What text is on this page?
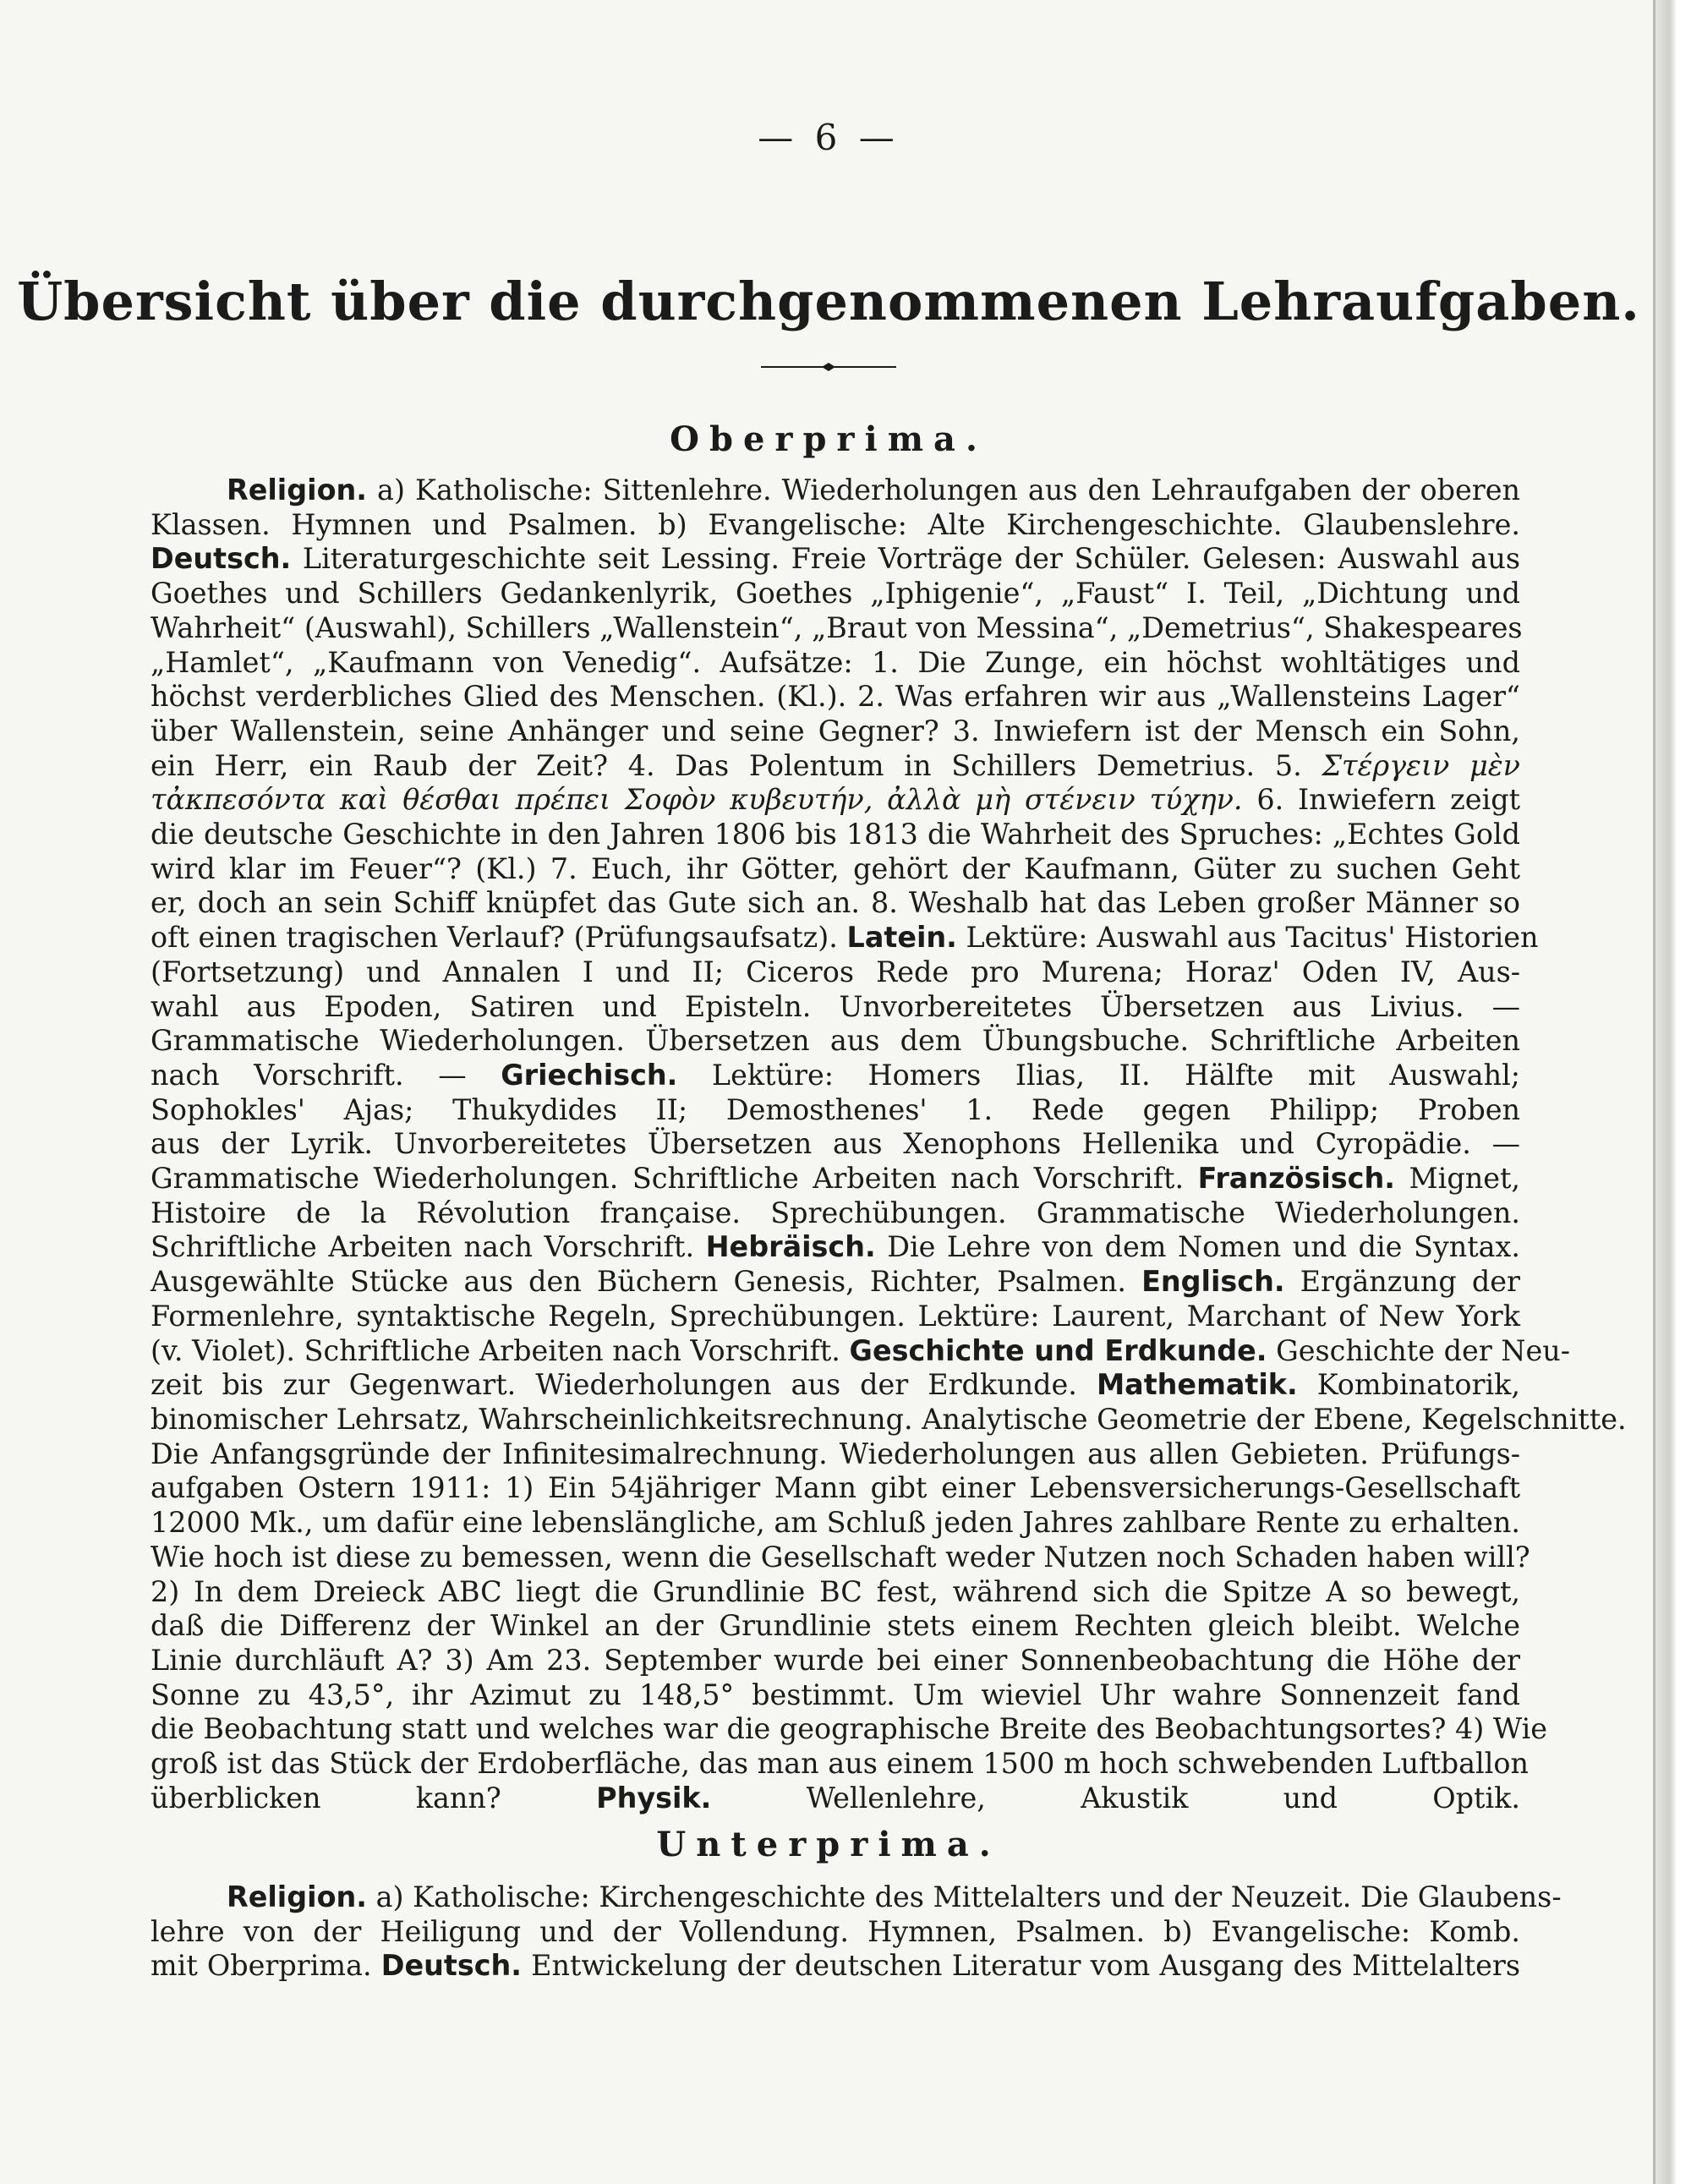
— 6 —
Übersicht über die durchgenommenen Lehraufgaben.
Oberprima.
Religion. a) Katholische: Sittenlehre. Wiederholungen aus den Lehraufgaben der oberen
Klassen. Hymnen und Psalmen. b) Evangelische: Alte Kirchengeschichte. Glaubenslehre.
Deutsch. Literaturgeschichte seit Lessing. Freie Vorträge der Schüler. Gelesen: Auswahl aus
Goethes und Schillers Gedankenlyrik, Goethes „Iphigenie“, „Faust“ I. Teil, „Dichtung und
Wahrheit“ (Auswahl), Schillers „Wallenstein“, „Braut von Messina“, „Demetrius“, Shakespeares
„Hamlet“, „Kaufmann von Venedig“. Aufsätze: 1. Die Zunge, ein höchst wohltätiges und
höchst verderbliches Glied des Menschen. (Kl.). 2. Was erfahren wir aus „Wallensteins Lager“
über Wallenstein, seine Anhänger und seine Gegner? 3. Inwiefern ist der Mensch ein Sohn,
ein Herr, ein Raub der Zeit? 4. Das Polentum in Schillers Demetrius. 5. Στέργειν μὲν
τἀκπεσόντα καὶ θέσθαι πρέπει Σοφὸν κυβευτήν, ἀλλὰ μὴ στένειν τύχην. 6. Inwiefern zeigt
die deutsche Geschichte in den Jahren 1806 bis 1813 die Wahrheit des Spruches: „Echtes Gold
wird klar im Feuer“? (Kl.) 7. Euch, ihr Götter, gehört der Kaufmann, Güter zu suchen Geht
er, doch an sein Schiff knüpfet das Gute sich an. 8. Weshalb hat das Leben großer Männer so
oft einen tragischen Verlauf? (Prüfungsaufsatz). Latein. Lektüre: Auswahl aus Tacitus' Historien
(Fortsetzung) und Annalen I und II; Ciceros Rede pro Murena; Horaz' Oden IV, Aus-
wahl aus Epoden, Satiren und Episteln. Unvorbereitetes Übersetzen aus Livius. —
Grammatische Wiederholungen. Übersetzen aus dem Übungsbuche. Schriftliche Arbeiten
nach Vorschrift. — Griechisch. Lektüre: Homers Ilias, II. Hälfte mit Auswahl;
Sophokles' Ajas; Thukydides II; Demosthenes' 1. Rede gegen Philipp; Proben
aus der Lyrik. Unvorbereitetes Übersetzen aus Xenophons Hellenika und Cyropädie. —
Grammatische Wiederholungen. Schriftliche Arbeiten nach Vorschrift. Französisch. Mignet,
Histoire de la Révolution française. Sprechübungen. Grammatische Wiederholungen.
Schriftliche Arbeiten nach Vorschrift. Hebräisch. Die Lehre von dem Nomen und die Syntax.
Ausgewählte Stücke aus den Büchern Genesis, Richter, Psalmen. Englisch. Ergänzung der
Formenlehre, syntaktische Regeln, Sprechübungen. Lektüre: Laurent, Marchant of New York
(v. Violet). Schriftliche Arbeiten nach Vorschrift. Geschichte und Erdkunde. Geschichte der Neu-
zeit bis zur Gegenwart. Wiederholungen aus der Erdkunde. Mathematik. Kombinatorik,
binomischer Lehrsatz, Wahrscheinlichkeitsrechnung. Analytische Geometrie der Ebene, Kegelschnitte.
Die Anfangsgründe der Infinitesimalrechnung. Wiederholungen aus allen Gebieten. Prüfungs-
aufgaben Ostern 1911: 1) Ein 54jähriger Mann gibt einer Lebensversicherungs-Gesellschaft
12000 Mk., um dafür eine lebenslängliche, am Schluß jeden Jahres zahlbare Rente zu erhalten.
Wie hoch ist diese zu bemessen, wenn die Gesellschaft weder Nutzen noch Schaden haben will?
2) In dem Dreieck ABC liegt die Grundlinie BC fest, während sich die Spitze A so bewegt,
daß die Differenz der Winkel an der Grundlinie stets einem Rechten gleich bleibt. Welche
Linie durchläuft A? 3) Am 23. September wurde bei einer Sonnenbeobachtung die Höhe der
Sonne zu 43,5°, ihr Azimut zu 148,5° bestimmt. Um wieviel Uhr wahre Sonnenzeit fand
die Beobachtung statt und welches war die geographische Breite des Beobachtungsortes? 4) Wie
groß ist das Stück der Erdoberfläche, das man aus einem 1500 m hoch schwebenden Luftballon
überblicken kann? Physik. Wellenlehre, Akustik und Optik.
Unterprima.
Religion. a) Katholische: Kirchengeschichte des Mittelalters und der Neuzeit. Die Glaubens-
lehre von der Heiligung und der Vollendung. Hymnen, Psalmen. b) Evangelische: Komb.
mit Oberprima. Deutsch. Entwickelung der deutschen Literatur vom Ausgang des Mittelalters
